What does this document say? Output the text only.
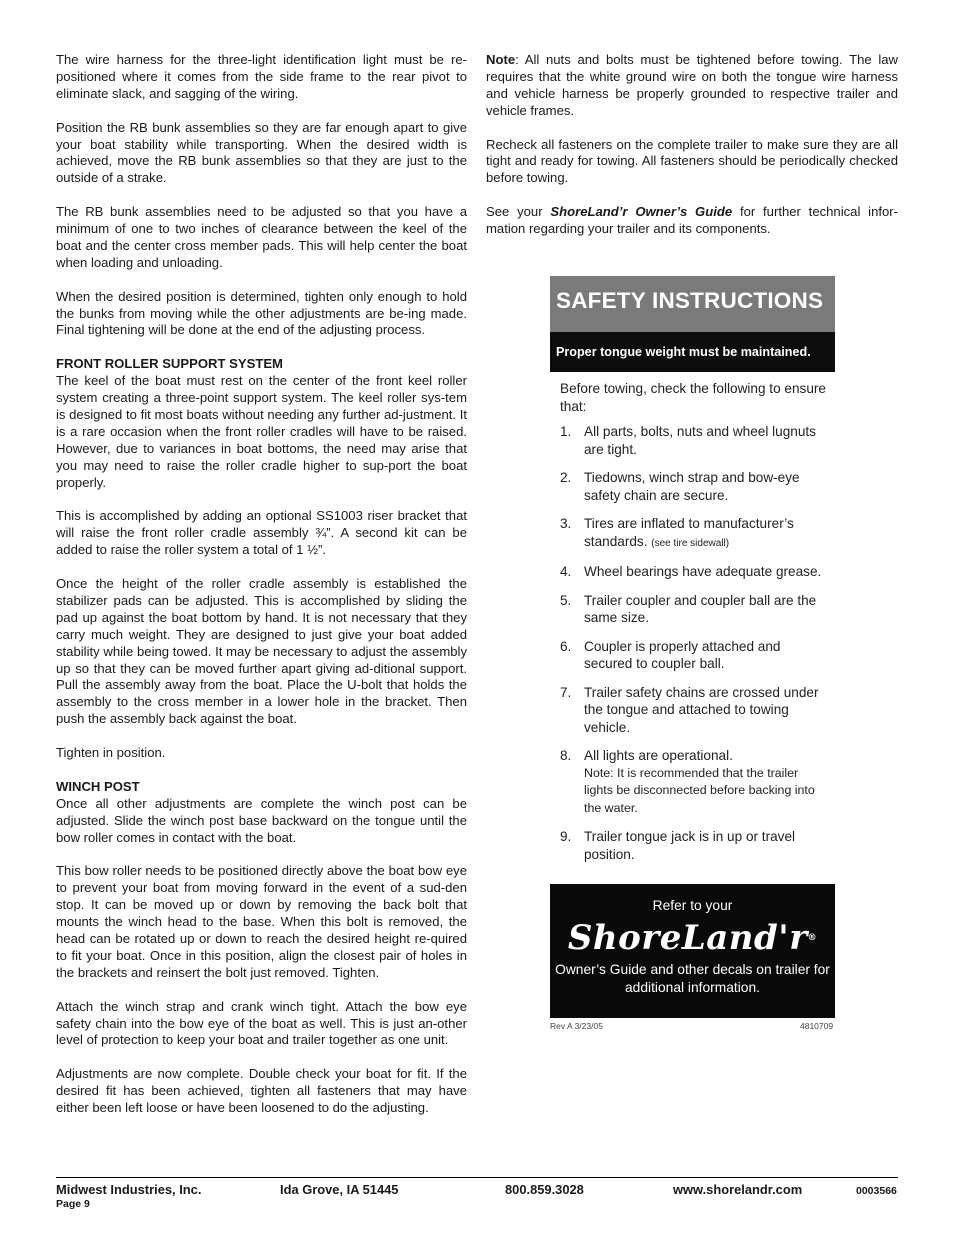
The wire harness for the three-light identification light must be re-positioned where it comes from the side frame to the rear pivot to eliminate slack, and sagging of the wiring.

Position the RB bunk assemblies so they are far enough apart to give your boat stability while transporting. When the desired width is achieved, move the RB bunk assemblies so that they are just to the outside of a strake.

The RB bunk assemblies need to be adjusted so that you have a minimum of one to two inches of clearance between the keel of the boat and the center cross member pads. This will help center the boat when loading and unloading.

When the desired position is determined, tighten only enough to hold the bunks from moving while the other adjustments are be-ing made. Final tightening will be done at the end of the adjusting process.

FRONT ROLLER SUPPORT SYSTEM

The keel of the boat must rest on the center of the front keel roller system creating a three-point support system. The keel roller sys-tem is designed to fit most boats without needing any further ad-justment. It is a rare occasion when the front roller cradles will have to be raised. However, due to variances in boat bottoms, the need may arise that you may need to raise the roller cradle higher to sup-port the boat properly.

This is accomplished by adding an optional SS1003 riser bracket that will raise the front roller cradle assembly ¾”. A second kit can be added to raise the roller system a total of 1 ½”.

Once the height of the roller cradle assembly is established the stabilizer pads can be adjusted. This is accomplished by sliding the pad up against the boat bottom by hand. It is not necessary that they carry much weight. They are designed to just give your boat added stability while being towed. It may be necessary to adjust the assembly up so that they can be moved further apart giving ad-ditional support. Pull the assembly away from the boat. Place the U-bolt that holds the assembly to the cross member in a lower hole in the bracket. Then push the assembly back against the boat.

Tighten in position.

WINCH POST

Once all other adjustments are complete the winch post can be adjusted. Slide the winch post base backward on the tongue until the bow roller comes in contact with the boat.

This bow roller needs to be positioned directly above the boat bow eye to prevent your boat from moving forward in the event of a sud-den stop. It can be moved up or down by removing the back bolt that mounts the winch head to the base. When this bolt is removed, the head can be rotated up or down to reach the desired height re-quired to fit your boat. Once in this position, align the closest pair of holes in the brackets and reinsert the bolt just removed. Tighten.

Attach the winch strap and crank winch tight. Attach the bow eye safety chain into the bow eye of the boat as well. This is just an-other level of protection to keep your boat and trailer together as one unit.

Adjustments are now complete. Double check your boat for fit. If the desired fit has been achieved, tighten all fasteners that may have either been left loose or have been loosened to do the adjusting.

Note: All nuts and bolts must be tightened before towing. The law requires that the white ground wire on both the tongue wire harness and vehicle harness be properly grounded to respective trailer and vehicle frames.

Recheck all fasteners on the complete trailer to make sure they are all tight and ready for towing. All fasteners should be periodically checked before towing.

See your ShoreLand’r Owner’s Guide for further technical infor-mation regarding your trailer and its components.

SAFETY INSTRUCTIONS
Proper tongue weight must be maintained.
Before towing, check the following to ensure that:
1. All parts, bolts, nuts and wheel lugnuts are tight.
2. Tiedowns, winch strap and bow-eye safety chain are secure.
3. Tires are inflated to manufacturer’s standards. (see tire sidewall)
4. Wheel bearings have adequate grease.
5. Trailer coupler and coupler ball are the same size.
6. Coupler is properly attached and secured to coupler ball.
7. Trailer safety chains are crossed under the tongue and attached to towing vehicle.
8. All lights are operational.
Note: It is recommended that the trailer lights be disconnected before backing into the water.
9. Trailer tongue jack is in up or travel position.
Refer to your
ShoreLand'r®
Owner’s Guide and other decals on trailer for additional information.
Rev A 3/23/05	4810709
Midwest Industries, Inc.	Ida Grove, IA 51445	800.859.3028	www.shorelandr.com	0003566
Page 9
